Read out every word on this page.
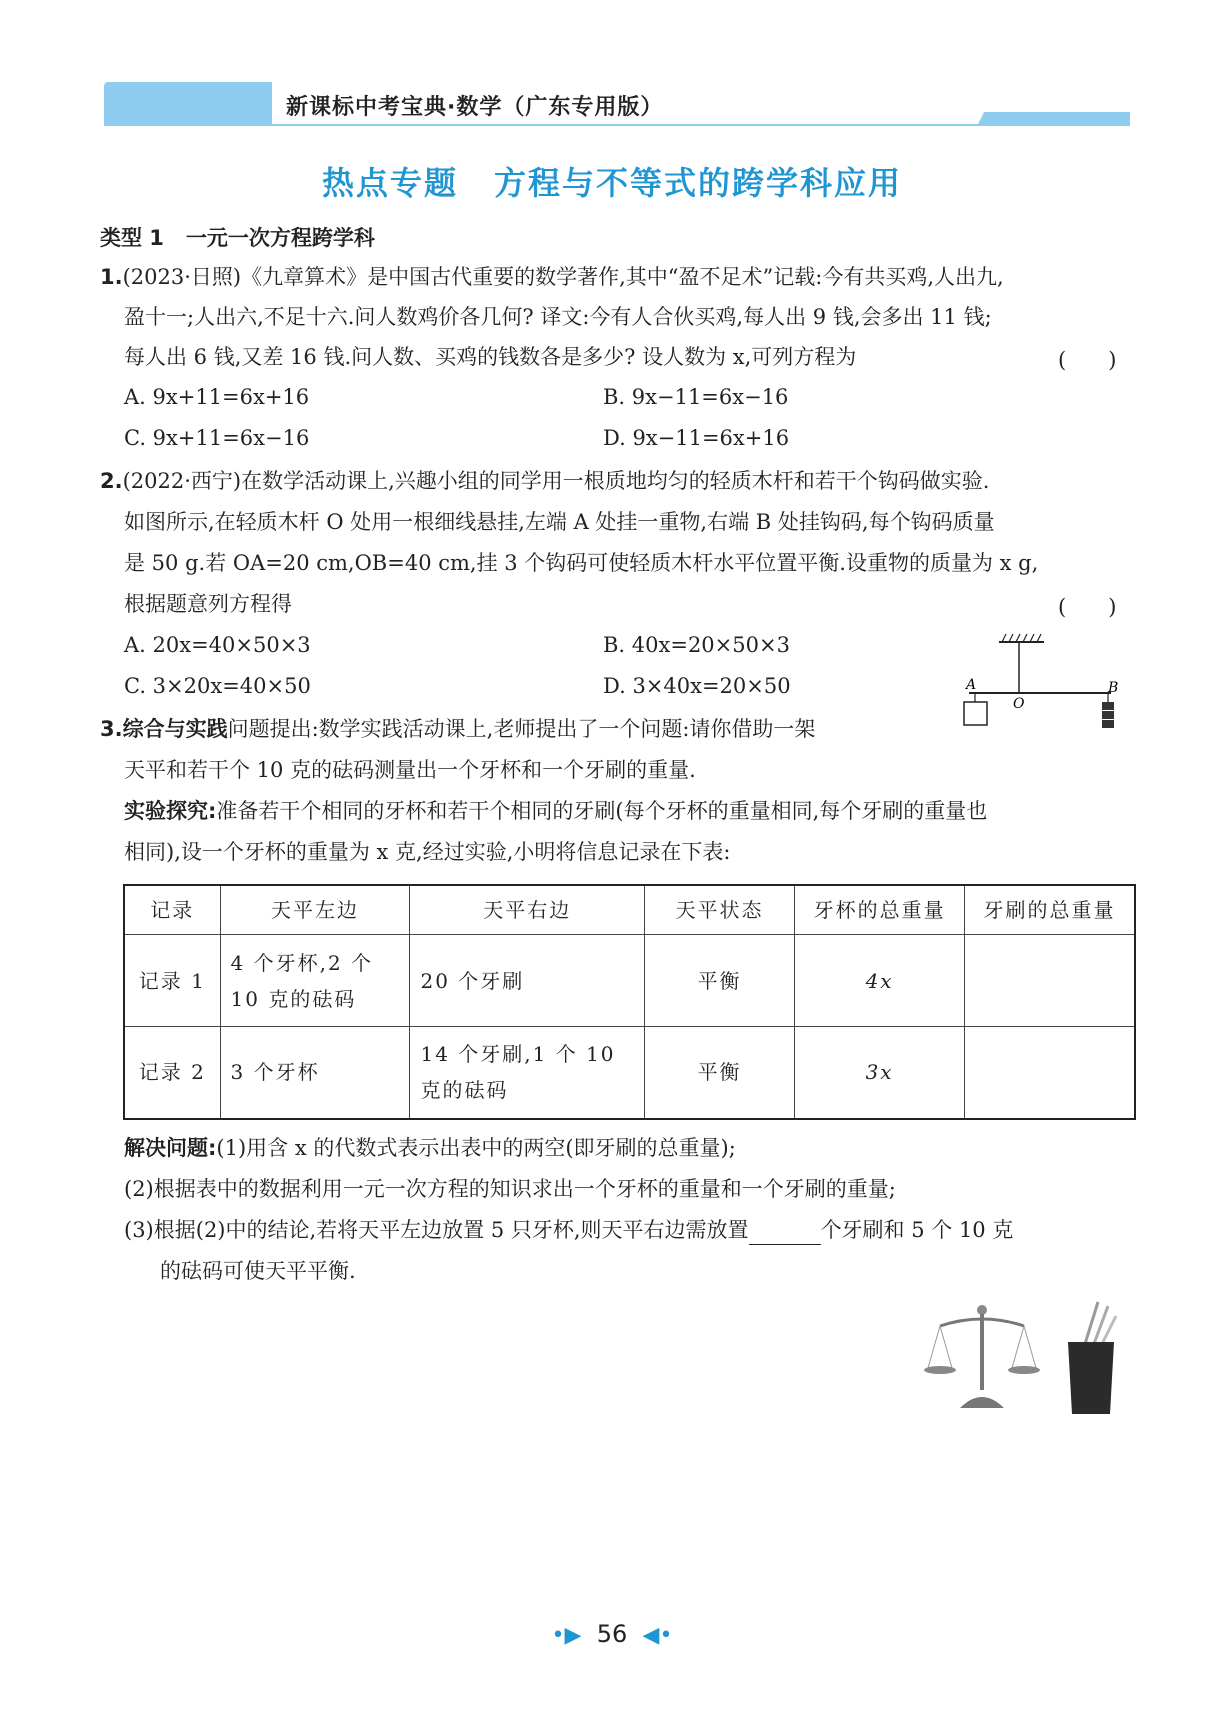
新课标中考宝典·数学（广东专用版）
热点专题 方程与不等式的跨学科应用
类型 1 一元一次方程跨学科
1.(2023·日照)《九章算术》是中国古代重要的数学著作,其中“盈不足术”记载:今有共买鸡,人出九,
盈十一;人出六,不足十六.问人数鸡价各几何? 译文:今有人合伙买鸡,每人出 9 钱,会多出 11 钱;
每人出 6 钱,又差 16 钱.问人数、买鸡的钱数各是多少? 设人数为 x,可列方程为	(　　)
A. 9x+11=6x+16	B. 9x−11=6x−16
C. 9x+11=6x−16	D. 9x−11=6x+16
2.(2022·西宁)在数学活动课上,兴趣小组的同学用一根质地均匀的轻质木杆和若干个钩码做实验.
如图所示,在轻质木杆 O 处用一根细线悬挂,左端 A 处挂一重物,右端 B 处挂钩码,每个钩码质量
是 50 g.若 OA=20 cm,OB=40 cm,挂 3 个钩码可使轻质木杆水平位置平衡.设重物的质量为 x g,
根据题意列方程得	(　　)
A. 20x=40×50×3	B. 40x=20×50×3
C. 3×20x=40×50	D. 3×40x=20×50	A
O
B
3.综合与实践问题提出:数学实践活动课上,老师提出了一个问题:请你借助一架
天平和若干个 10 克的砝码测量出一个牙杯和一个牙刷的重量.
实验探究:准备若干个相同的牙杯和若干个相同的牙刷(每个牙杯的重量相同,每个牙刷的重量也
相同),设一个牙杯的重量为 x 克,经过实验,小明将信息记录在下表:
记录	天平左边	天平右边	天平状态	牙杯的总重量	牙刷的总重量
记录 1	4 个牙杯,2 个 10 克的砝码	20 个牙刷	平衡	4x	
记录 2	3 个牙杯	14 个牙刷,1 个 10 克的砝码	平衡	3x	
解决问题:(1)用含 x 的代数式表示出表中的两空(即牙刷的总重量);
(2)根据表中的数据利用一元一次方程的知识求出一个牙杯的重量和一个牙刷的重量;
(3)根据(2)中的结论,若将天平左边放置 5 只牙杯,则天平右边需放置	个牙刷和 5 个 10 克
的砝码可使天平平衡.
•▶ 56 ◀•
